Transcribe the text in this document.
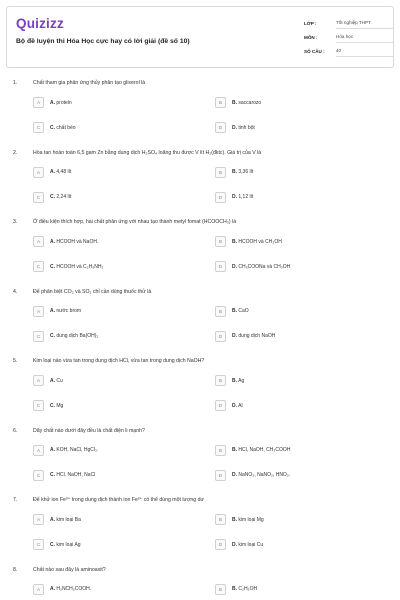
Quizizz
Bộ đề luyện thi Hóa Học cực hay có lời giải (đề số 10)
LỚP :	Tốt nghiệp THPT
MÔN :	Hóa học
SỐ CÂU :	40
1.	Chất tham gia phản ứng thủy phân tạo glixerol là
A	A. protein	B	B. saccarozo
C	C. chất béo	D	D. tinh bột
2.	Hòa tan hoàn toàn 6,5 gam Zn bằng dung dịch H₂SO₄ loãng thu được V lít H₂(đktc). Giá trị của V là
A	A. 4,48 lít	B	B. 3,36 lít
C	C. 2,24 lít	D	D. 1,12 lít
3.	Ở điều kiện thích hợp, hai chất phản ứng với nhau tạo thành metyl fomat (HCOOCH₃) là
A	A. HCOOH và NaOH.	B	B. HCOOH và CH₃OH
C	C. HCOOH và C₂H₅NH₂	D	D. CH₃COONa và CH₃OH
4.	Để phân biệt CO₂ và SO₂ chỉ cần dùng thuốc thử là
A	A. nước brom	B	B. CaO
C	C. dung dịch Ba(OH)₂	D	D. dung dịch NaOH
5.	Kim loại nào vừa tan trong dung dịch HCl, vừa tan trong dung dịch NaOH?
A	A. Cu	B	B. Ag
C	C. Mg	D	D. Al
6.	Dãy chất nào dưới đây đều là chất điện li mạnh?
A	A. KOH, NaCl, HgCl₂.	B	B. HCl, NaOH, CH₃COOH
C	C. HCl, NaOH, NaCl	D	D. NaNO₃, NaNO₂, HNO₂.
7.	Để khử ion Fe³⁺ trong dung dịch thành ion Fe²⁺ có thể dùng một lượng dư
A	A. kim loại Ba	B	B. kim loại Mg
C	C. kim loại Ag	D	D. kim loại Cu
8.	Chất nào sau đây là aminoaxit?
A	A. H₂NCH₂COOH.	B	B. C₂H₅OH
